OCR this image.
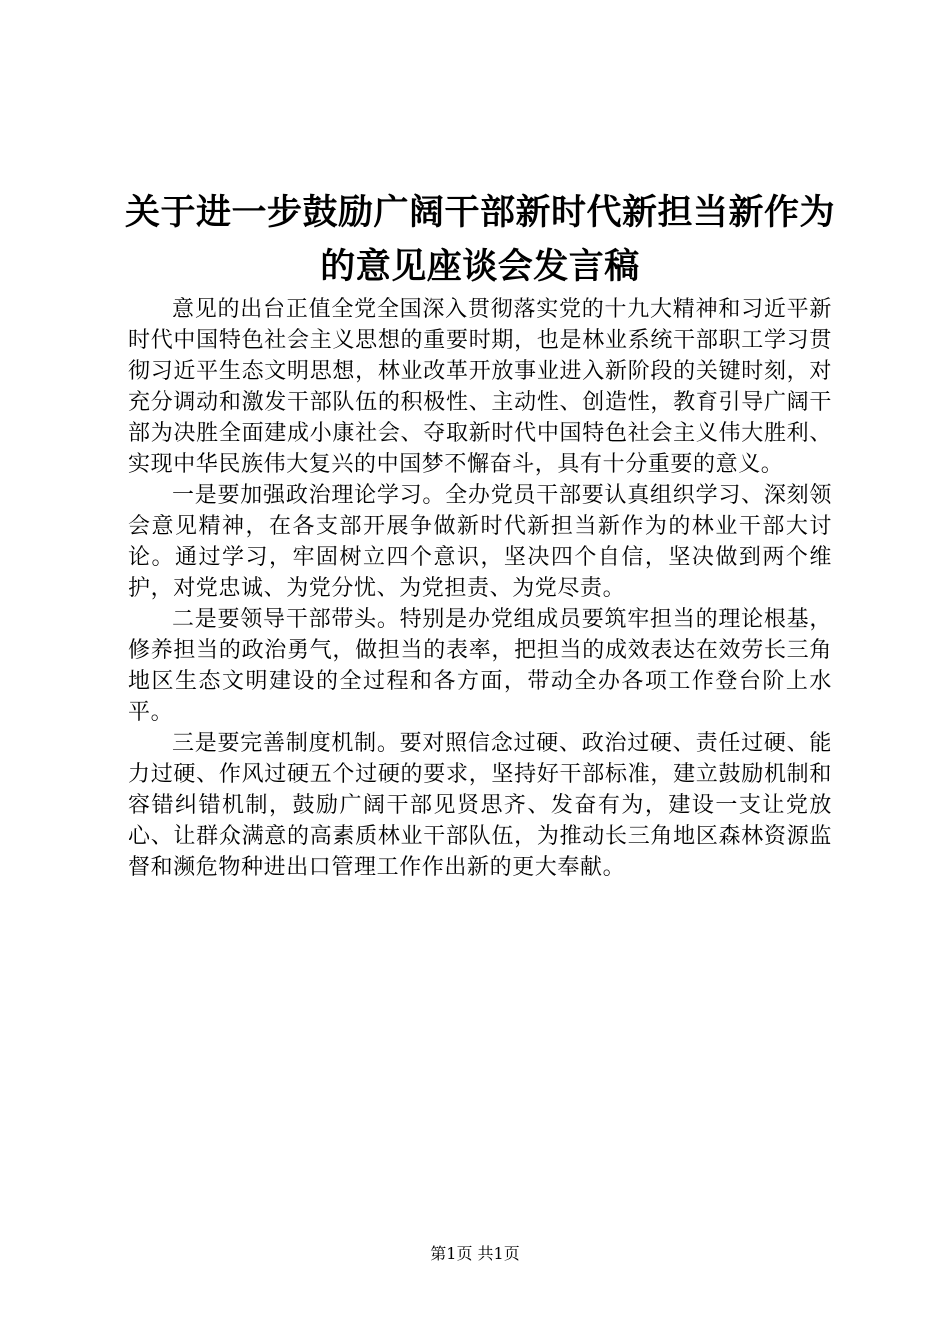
关于进一步鼓励广阔干部新时代新担当新作为
的意见座谈会发言稿

意见的出台正值全党全国深入贯彻落实党的十九大精神和习近平新时代中国特色社会主义思想的重要时期，也是林业系统干部职工学习贯彻习近平生态文明思想，林业改革开放事业进入新阶段的关键时刻，对充分调动和激发干部队伍的积极性、主动性、创造性，教育引导广阔干部为决胜全面建成小康社会、夺取新时代中国特色社会主义伟大胜利、实现中华民族伟大复兴的中国梦不懈奋斗，具有十分重要的意义。

一是要加强政治理论学习。全办党员干部要认真组织学习、深刻领会意见精神，在各支部开展争做新时代新担当新作为的林业干部大讨论。通过学习，牢固树立四个意识，坚决四个自信，坚决做到两个维护，对党忠诚、为党分忧、为党担责、为党尽责。

二是要领导干部带头。特别是办党组成员要筑牢担当的理论根基，修养担当的政治勇气，做担当的表率，把担当的成效表达在效劳长三角地区生态文明建设的全过程和各方面，带动全办各项工作登台阶上水平。

三是要完善制度机制。要对照信念过硬、政治过硬、责任过硬、能力过硬、作风过硬五个过硬的要求，坚持好干部标准，建立鼓励机制和容错纠错机制，鼓励广阔干部见贤思齐、发奋有为，建设一支让党放心、让群众满意的高素质林业干部队伍，为推动长三角地区森林资源监督和濒危物种进出口管理工作作出新的更大奉献。

第1页 共1页
